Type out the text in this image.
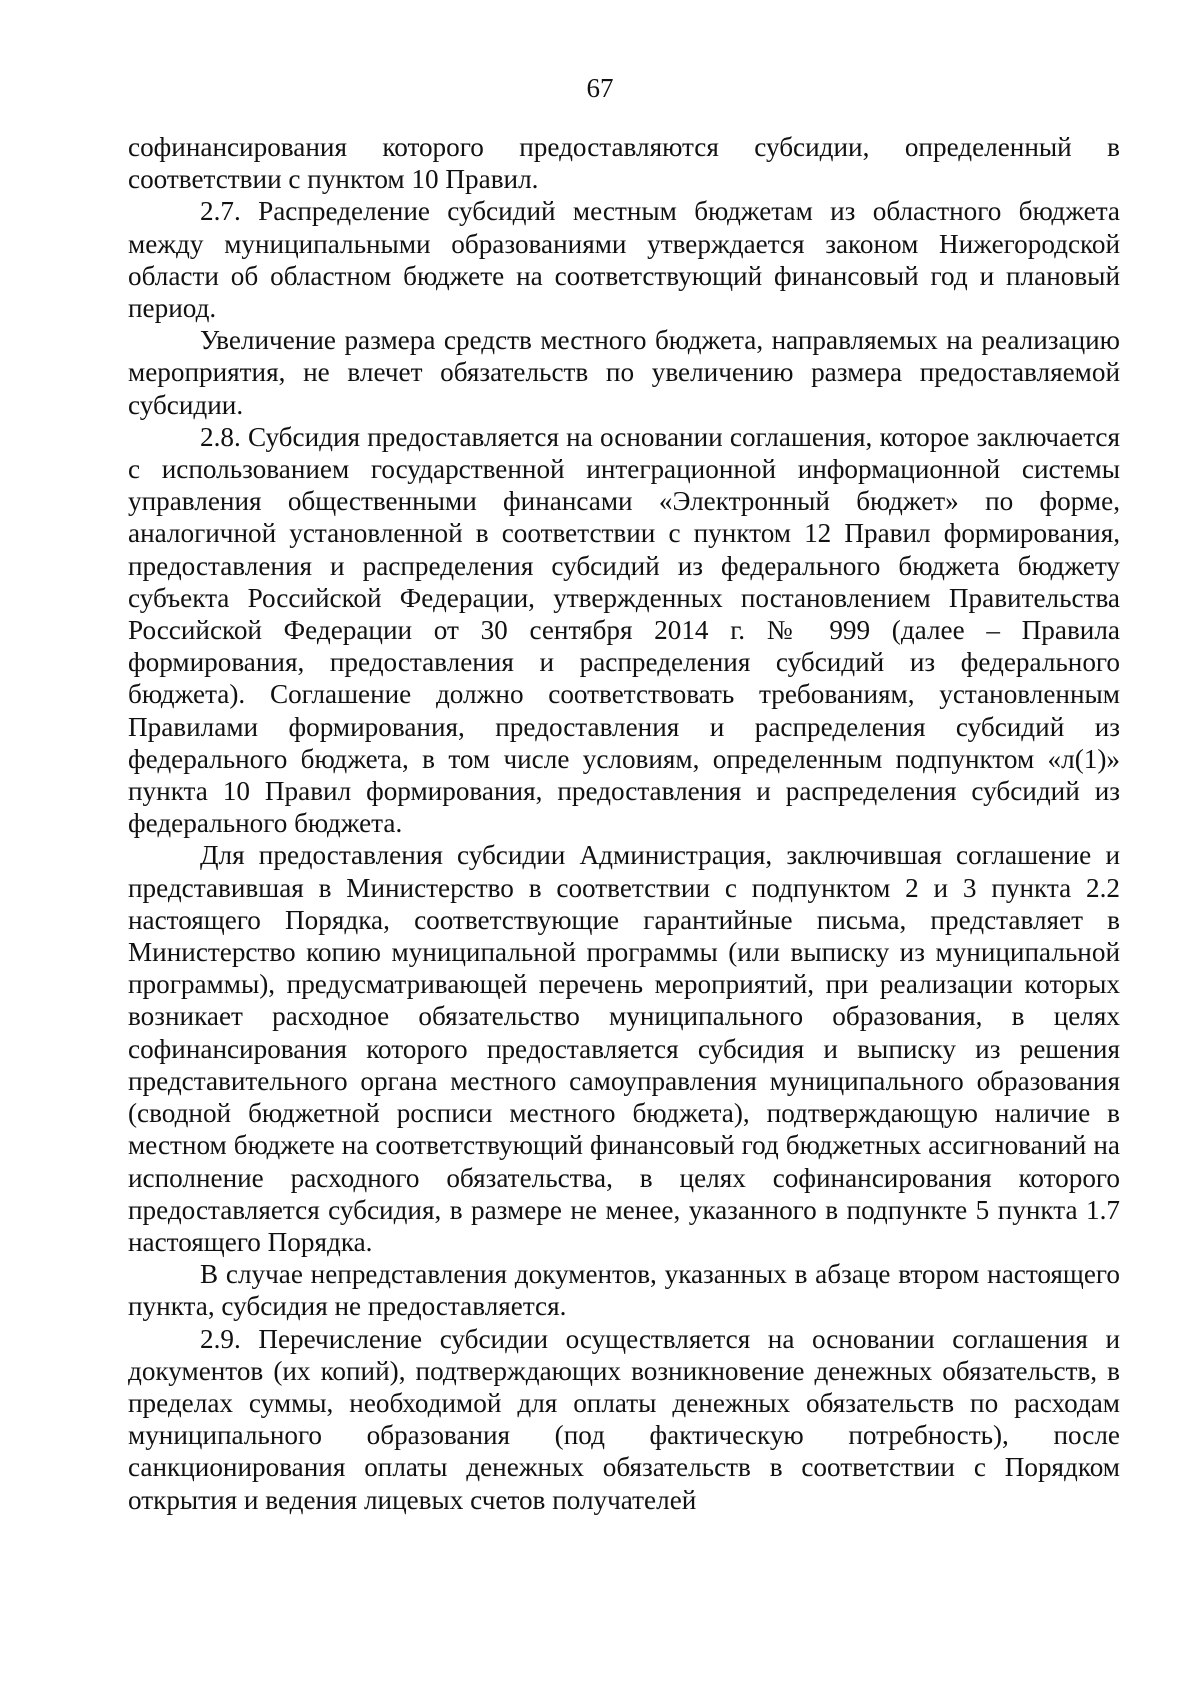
67

софинансирования которого предоставляются субсидии, определенный в соответствии с пунктом 10 Правил.

2.7. Распределение субсидий местным бюджетам из областного бюджета между муниципальными образованиями утверждается законом Нижегородской области об областном бюджете на соответствующий финансовый год и плановый период.

Увеличение размера средств местного бюджета, направляемых на реализацию мероприятия, не влечет обязательств по увеличению размера предоставляемой субсидии.

2.8. Субсидия предоставляется на основании соглашения, которое заключается с использованием государственной интеграционной информационной системы управления общественными финансами «Электронный бюджет» по форме, аналогичной установленной в соответствии с пунктом 12 Правил формирования, предоставления и распределения субсидий из федерального бюджета бюджету субъекта Российской Федерации, утвержденных постановлением Правительства Российской Федерации от 30 сентября 2014 г. № 999 (далее – Правила формирования, предоставления и распределения субсидий из федерального бюджета). Соглашение должно соответствовать требованиям, установленным Правилами формирования, предоставления и распределения субсидий из федерального бюджета, в том числе условиям, определенным подпунктом «л(1)» пункта 10 Правил формирования, предоставления и распределения субсидий из федерального бюджета.

Для предоставления субсидии Администрация, заключившая соглашение и представившая в Министерство в соответствии с подпунктом 2 и 3 пункта 2.2 настоящего Порядка, соответствующие гарантийные письма, представляет в Министерство копию муниципальной программы (или выписку из муниципальной программы), предусматривающей перечень мероприятий, при реализации которых возникает расходное обязательство муниципального образования, в целях софинансирования которого предоставляется субсидия и выписку из решения представительного органа местного самоуправления муниципального образования (сводной бюджетной росписи местного бюджета), подтверждающую наличие в местном бюджете на соответствующий финансовый год бюджетных ассигнований на исполнение расходного обязательства, в целях софинансирования которого предоставляется субсидия, в размере не менее, указанного в подпункте 5 пункта 1.7 настоящего Порядка.

В случае непредставления документов, указанных в абзаце втором настоящего пункта, субсидия не предоставляется.

2.9. Перечисление субсидии осуществляется на основании соглашения и документов (их копий), подтверждающих возникновение денежных обязательств, в пределах суммы, необходимой для оплаты денежных обязательств по расходам муниципального образования (под фактическую потребность), после санкционирования оплаты денежных обязательств в соответствии с Порядком открытия и ведения лицевых счетов получателей
